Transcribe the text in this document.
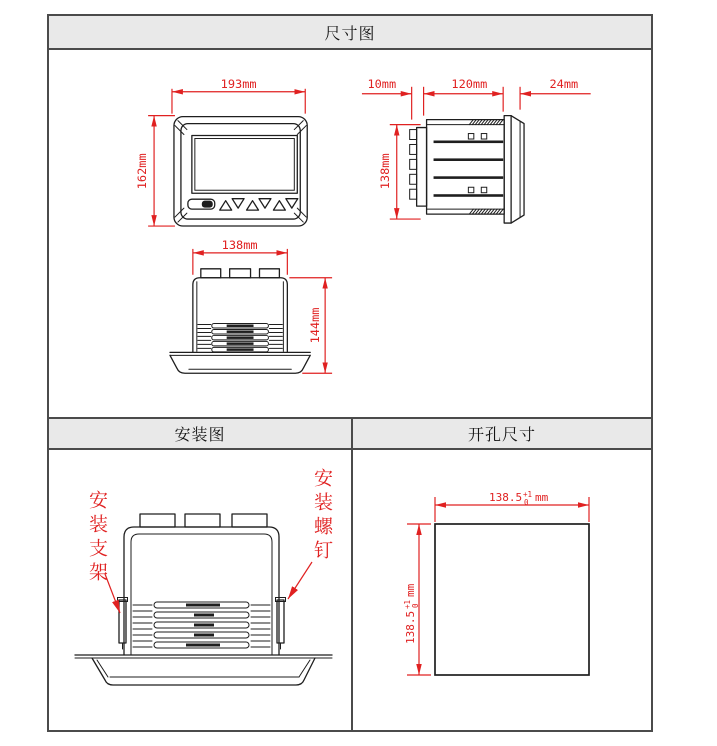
尺寸图
193mm
162mm
10mm	120mm	24mm
138mm
138mm
144mm
安装图	开孔尺寸
安装支架	安装螺钉	138.5 +1
0 mm
138.5
+1 0
mm
